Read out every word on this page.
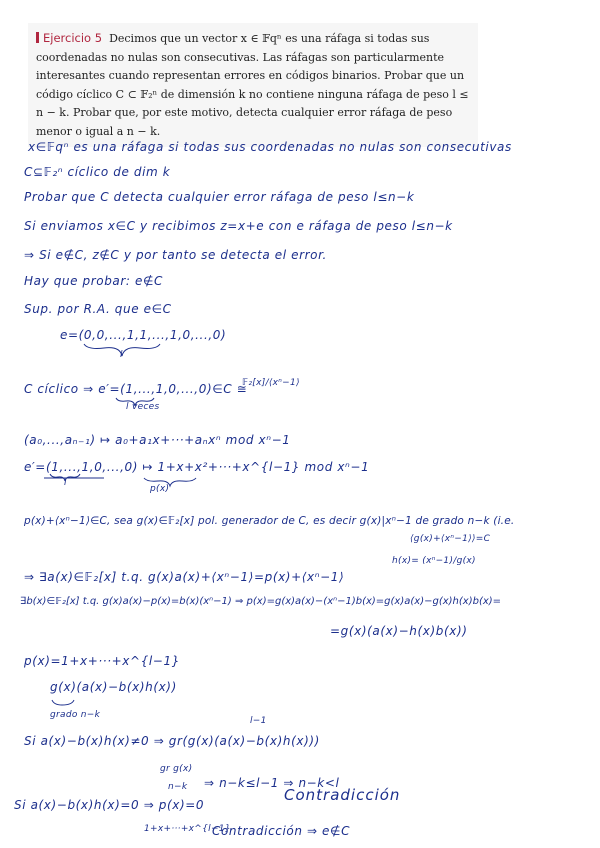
Ejercicio 5 Decimos que un vector x ∈ 𝔽qⁿ es una ráfaga si todas sus coordenadas no nulas son consecutivas. Las ráfagas son particularmente interesantes cuando representan errores en códigos binarios. Probar que un código cíclico C ⊂ 𝔽₂ⁿ de dimensión k no contiene ninguna ráfaga de peso l ≤ n − k. Probar que, por este motivo, detecta cualquier error ráfaga de peso menor o igual a n − k.
x∈𝔽qⁿ es una ráfaga si todas sus coordenadas no nulas son consecutivas
C⊆𝔽₂ⁿ cíclico de dim k
Probar que C detecta cualquier error ráfaga de peso l≤n−k
Si enviamos x∈C y recibimos z=x+e con e ráfaga de peso l≤n−k
⇒ Si e∉C, z∉C y por tanto se detecta el error.
Hay que probar: e∉C
Sup. por R.A. que e∈C
e=(0,0,...,1,1,...,1,0,...,0)
l
C cíclico ⇒ e′=(1,...,1,0,...,0)∈C ≅
𝔽₂[x]/⟨xⁿ−1⟩
l veces
(a₀,...,aₙ₋₁) ↦ a₀+a₁x+···+aₙxⁿ mod xⁿ−1
e′=(1,...,1,0,...,0) ↦ 1+x+x²+···+x^{l−1} mod xⁿ−1
l
p(x)
p(x)+⟨xⁿ−1⟩∈C, sea g(x)∈𝔽₂[x] pol. generador de C, es decir g(x)|xⁿ−1 de grado n−k (i.e.
⟨g(x)+⟨xⁿ−1⟩⟩=C
h(x)= (xⁿ−1)/g(x)
⇒ ∃a(x)∈𝔽₂[x] t.q. g(x)a(x)+⟨xⁿ−1⟩=p(x)+⟨xⁿ−1⟩
∃b(x)∈𝔽₂[x] t.q. g(x)a(x)−p(x)=b(x)(xⁿ−1) ⇒ p(x)=g(x)a(x)−(xⁿ−1)b(x)=g(x)a(x)−g(x)h(x)b(x)=
=g(x)(a(x)−h(x)b(x))
p(x)=1+x+···+x^{l−1}
g(x)(a(x)−b(x)h(x))
grado n−k
Si a(x)−b(x)h(x)≠0 ⇒ gr(g(x)(a(x)−b(x)h(x)))
l−1
gr g(x)
n−k ⇒ n−k≤l−1 ⇒ n−k<l
Contradicción
Si a(x)−b(x)h(x)=0 ⇒ p(x)=0
1+x+···+x^{l−1}
Contradicción ⇒ e∉C
